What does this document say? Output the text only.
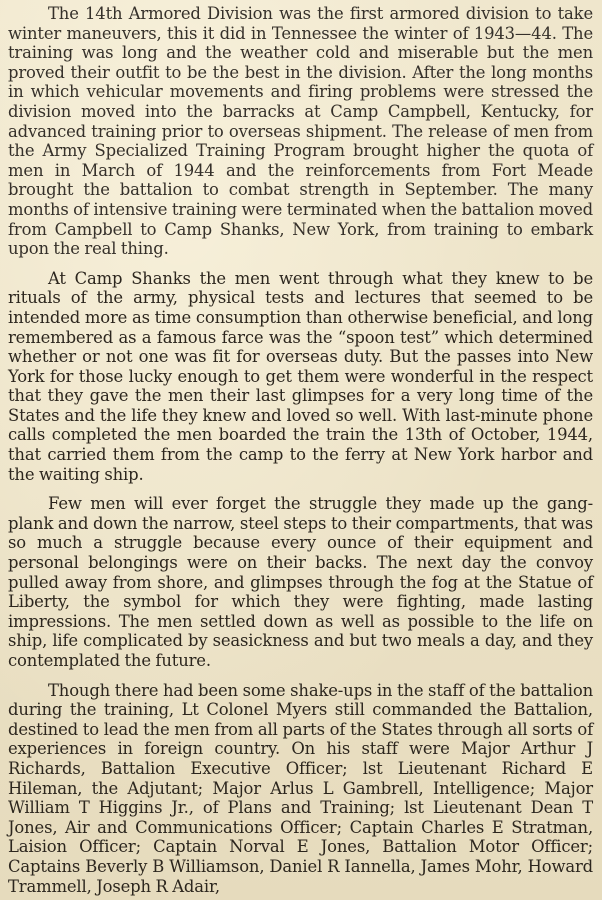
The 14th Armored Division was the first armored division to take winter maneuvers, this it did in Tennessee the winter of 1943—44. The training was long and the weather cold and miserable but the men proved their outfit to be the best in the division. After the long months in which vehicular movements and firing problems were stressed the division moved into the barracks at Camp Campbell, Kentucky, for advanced training prior to overseas shipment. The release of men from the Army Specialized Training Program brought higher the quota of men in March of 1944 and the reinforcements from Fort Meade brought the battalion to combat strength in September. The many months of intensive training were terminated when the battalion moved from Campbell to Camp Shanks, New York, from training to embark upon the real thing.

At Camp Shanks the men went through what they knew to be rituals of the army, physical tests and lectures that seemed to be intended more as time consumption than otherwise beneficial, and long remembered as a famous farce was the “spoon test” which determined whether or not one was fit for overseas duty. But the passes into New York for those lucky enough to get them were wonderful in the respect that they gave the men their last glimpses for a very long time of the States and the life they knew and loved so well. With last-minute phone calls completed the men boarded the train the 13th of October, 1944, that carried them from the camp to the ferry at New York harbor and the waiting ship.

Few men will ever forget the struggle they made up the gang-plank and down the narrow, steel steps to their compartments, that was so much a struggle because every ounce of their equipment and personal belongings were on their backs. The next day the convoy pulled away from shore, and glimpses through the fog at the Statue of Liberty, the symbol for which they were fighting, made lasting impressions. The men settled down as well as possible to the life on ship, life complicated by seasickness and but two meals a day, and they contemplated the future.

Though there had been some shake-ups in the staff of the battalion during the training, Lt Colonel Myers still commanded the Battalion, destined to lead the men from all parts of the States through all sorts of experiences in foreign country. On his staff were Major Arthur J Richards, Battalion Executive Officer; lst Lieutenant Richard E Hileman, the Adjutant; Major Arlus L Gambrell, Intelligence; Major William T Higgins Jr., of Plans and Training; lst Lieutenant Dean T Jones, Air and Communications Officer; Captain Charles E Stratman, Laision Officer; Captain Norval E Jones, Battalion Motor Officer; Captains Beverly B Williamson, Daniel R Iannella, James Mohr, Howard Trammell, Joseph R Adair,
